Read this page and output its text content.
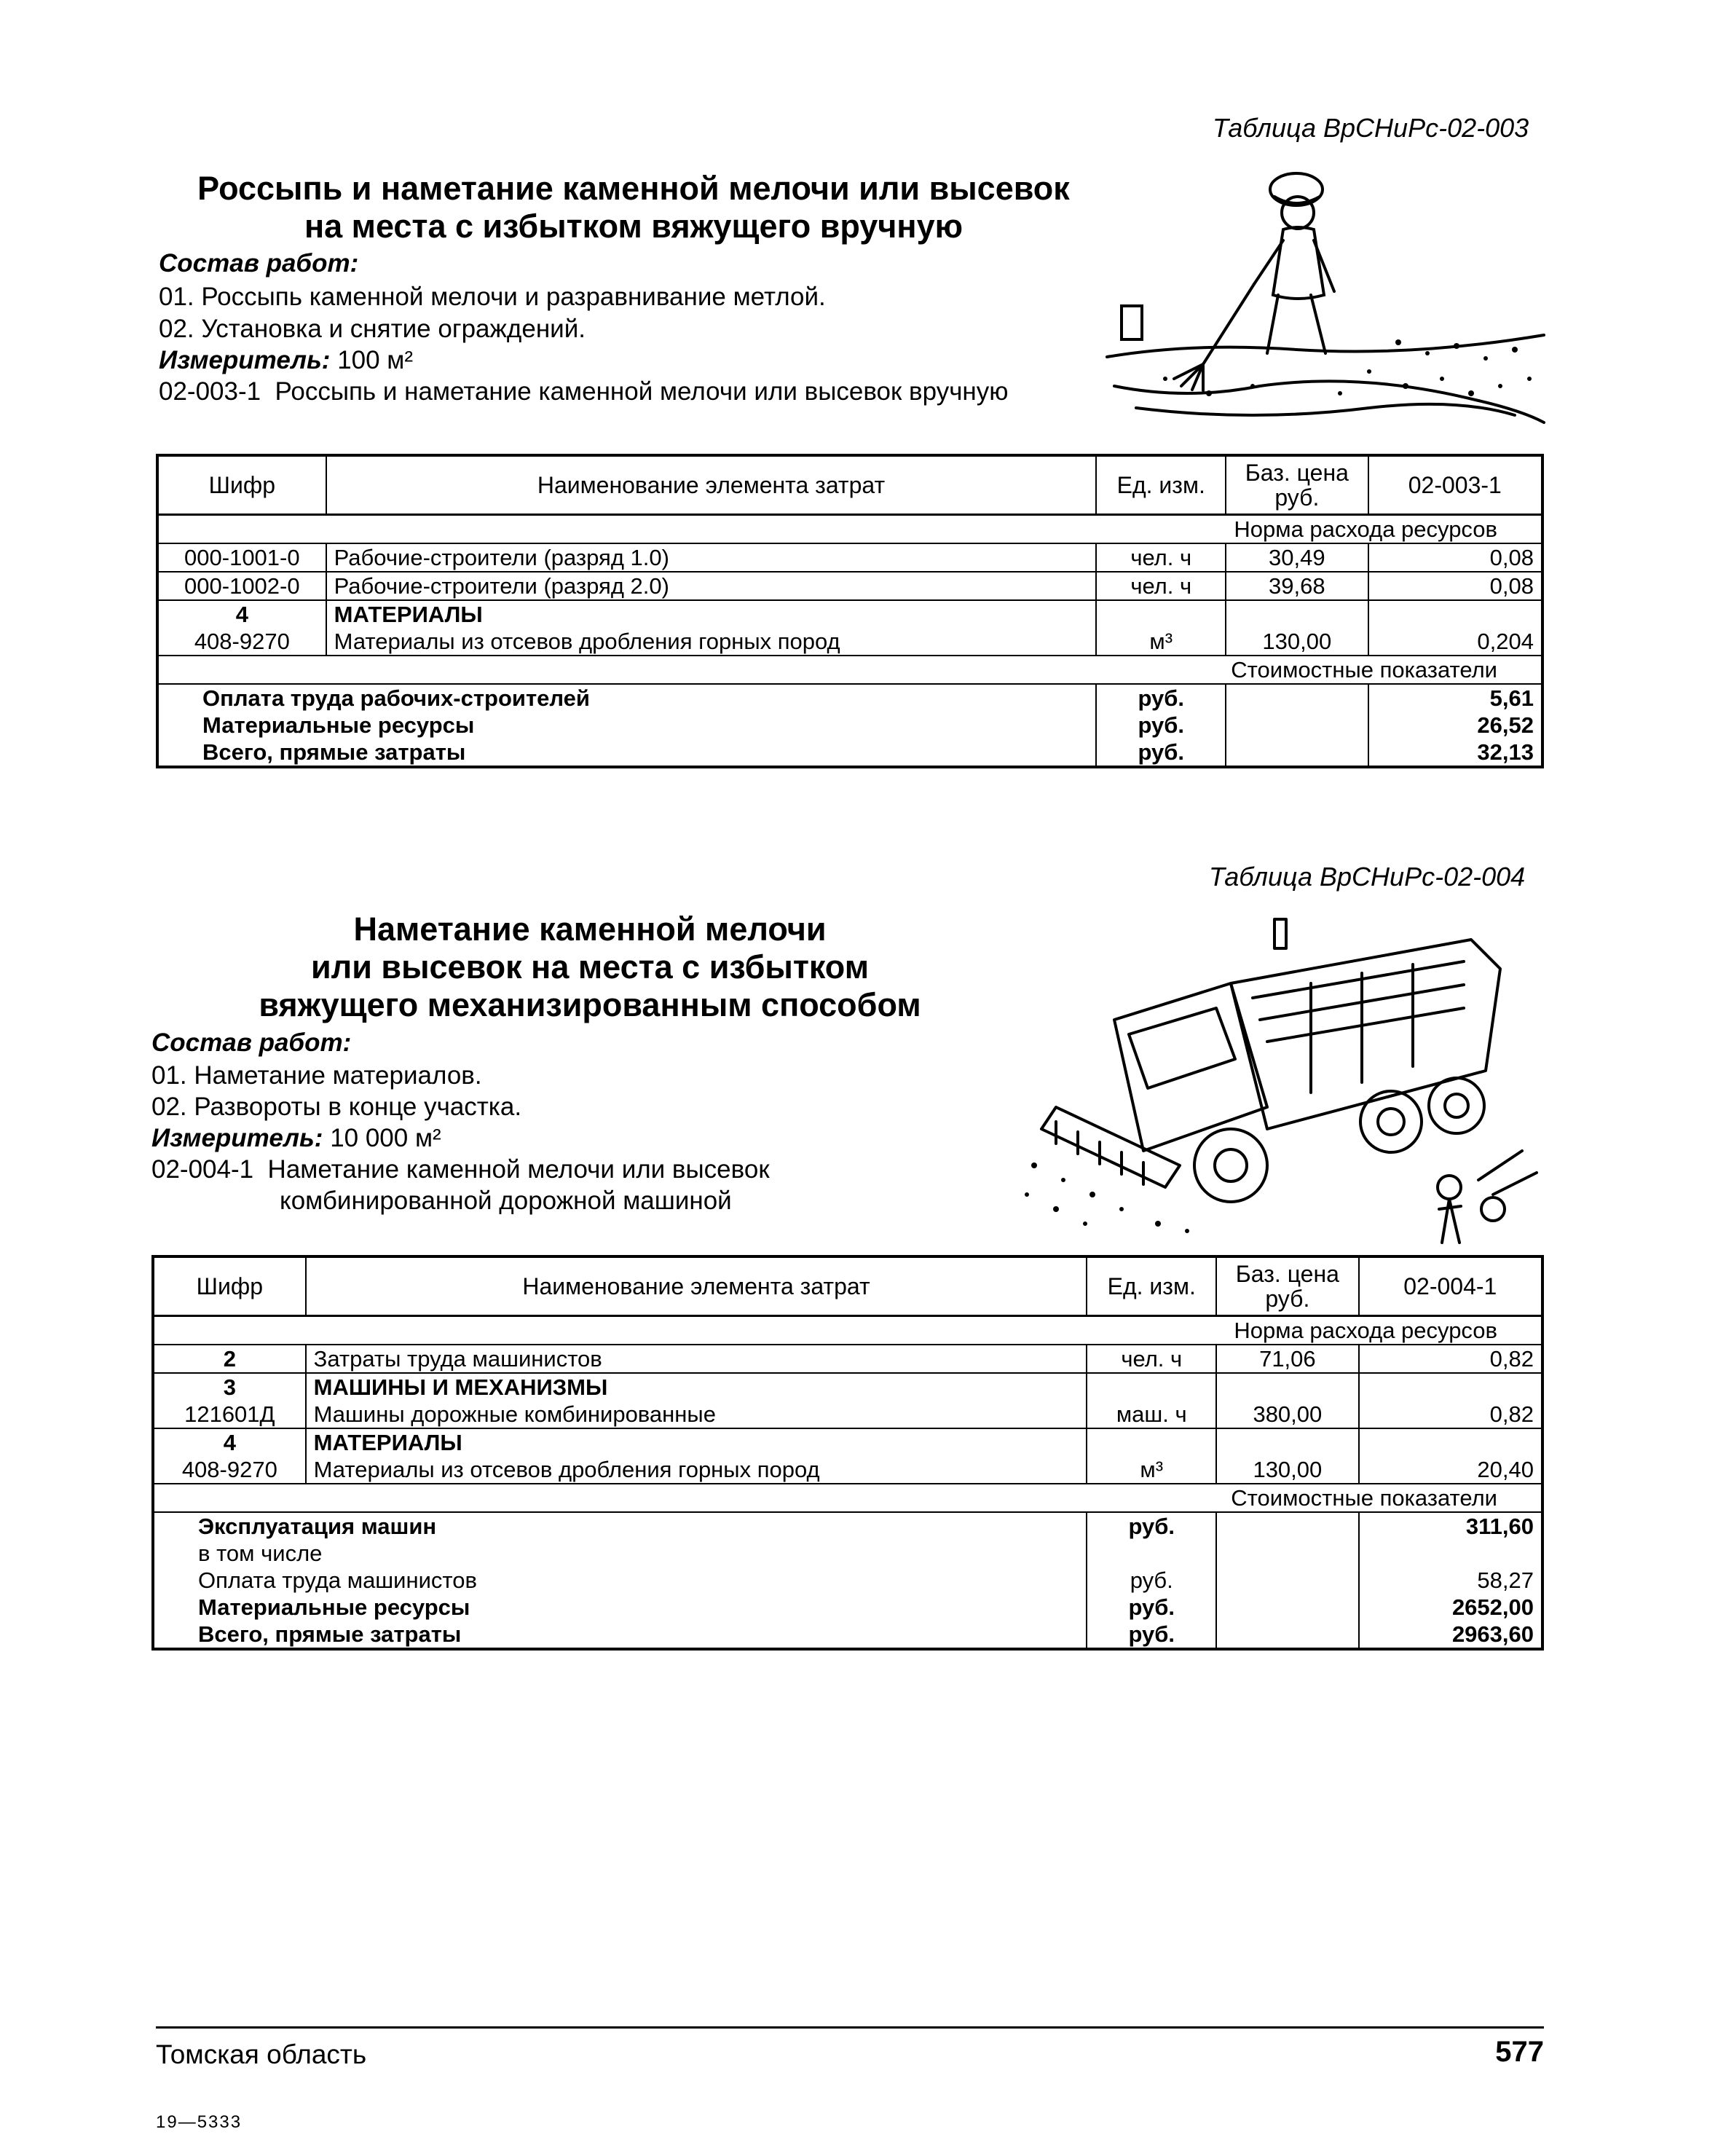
Таблица ВрСНиРс-02-003
Россыпь и наметание каменной мелочи или высевок
на места с избытком вяжущего вручную
Состав работ:
01. Россыпь каменной мелочи и разравнивание метлой.
02. Установка и снятие ограждений.
Измеритель: 100 м²
02-003-1  Россыпь и наметание каменной мелочи или высевок вручную
Шифр	Наименование элемента затрат	Ед. изм.	Баз. цена руб.	02-003-1
Норма расхода ресурсов				
000-1001-0	Рабочие-строители (разряд 1.0)	чел. ч	30,49	0,08
000-1002-0	Рабочие-строители (разряд 2.0)	чел. ч	39,68	0,08
4	МАТЕРИАЛЫ			
408-9270	Материалы из отсевов дробления горных пород	м³	130,00	0,204
Стоимостные показатели				
Оплата труда рабочих-строителей		руб.		5,61
Материальные ресурсы		руб.		26,52
Всего, прямые затраты		руб.		32,13
Таблица ВрСНиРс-02-004
Наметание каменной мелочи
или высевок на места с избытком
вяжущего механизированным способом
Состав работ:
01. Наметание материалов.
02. Развороты в конце участка.
Измеритель: 10 000 м²
02-004-1  Наметание каменной мелочи или высевок
комбинированной дорожной машиной
Шифр	Наименование элемента затрат	Ед. изм.	Баз. цена руб.	02-004-1
Норма расхода ресурсов				
2	Затраты труда машинистов	чел. ч	71,06	0,82
3	МАШИНЫ И МЕХАНИЗМЫ			
121601Д	Машины дорожные комбинированные	маш. ч	380,00	0,82
4	МАТЕРИАЛЫ			
408-9270	Материалы из отсевов дробления горных пород	м³	130,00	20,40
Стоимостные показатели				
Эксплуатация машин		руб.		311,60
в том числе				
Оплата труда машинистов		руб.		58,27
Материальные ресурсы		руб.		2652,00
Всего, прямые затраты		руб.		2963,60
Томская область	577
19—5333
